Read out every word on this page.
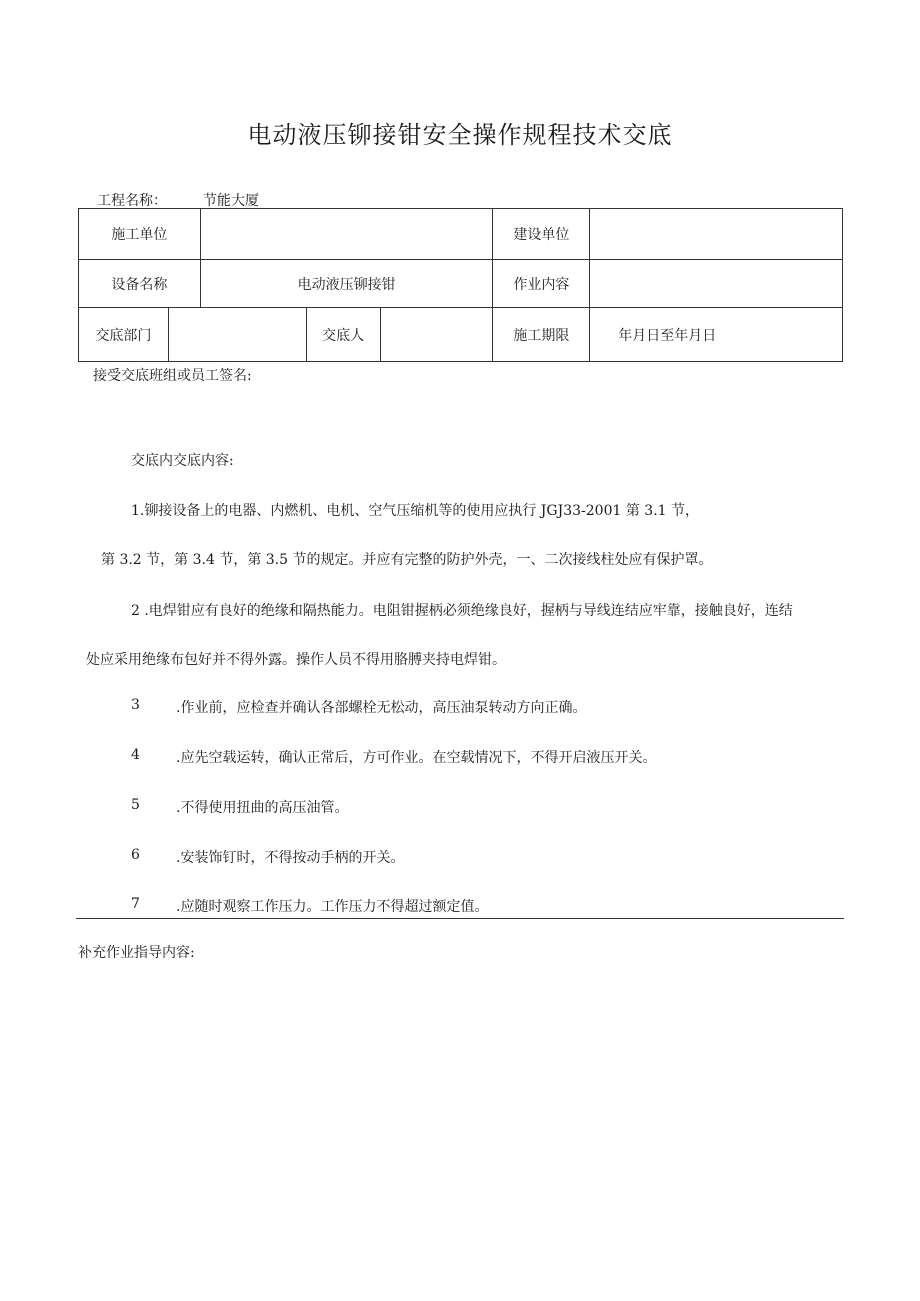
电动液压铆接钳安全操作规程技术交底
工程名称：	节能大厦
施工单位					建设单位	
设备名称		电动液压铆接钳			作业内容	
交底部门			交底人		施工期限	年月日至年月日
接受交底班组或员工签名:
交底内交底内容:
1.铆接设备上的电器、内燃机、电机、空气压缩机等的使用应执行 JGJ33-2001 第 3.1 节，
第 3.2 节，第 3.4 节，第 3.5 节的规定。并应有完整的防护外壳，一、二次接线柱处应有保护罩。
2 .电焊钳应有良好的绝缘和隔热能力。电阻钳握柄必须绝缘良好，握柄与导线连结应牢靠，接触良好，连结
处应采用绝缘布包好并不得外露。操作人员不得用胳膊夹持电焊钳。
3	.作业前，应检查并确认各部螺栓无松动，高压油泵转动方向正确。
4	.应先空载运转，确认正常后，方可作业。在空载情况下，不得开启液压开关。
5	.不得使用扭曲的高压油管。
6	.安装饰钉时，不得按动手柄的开关。
7	.应随时观察工作压力。工作压力不得超过额定值。
补充作业指导内容:
